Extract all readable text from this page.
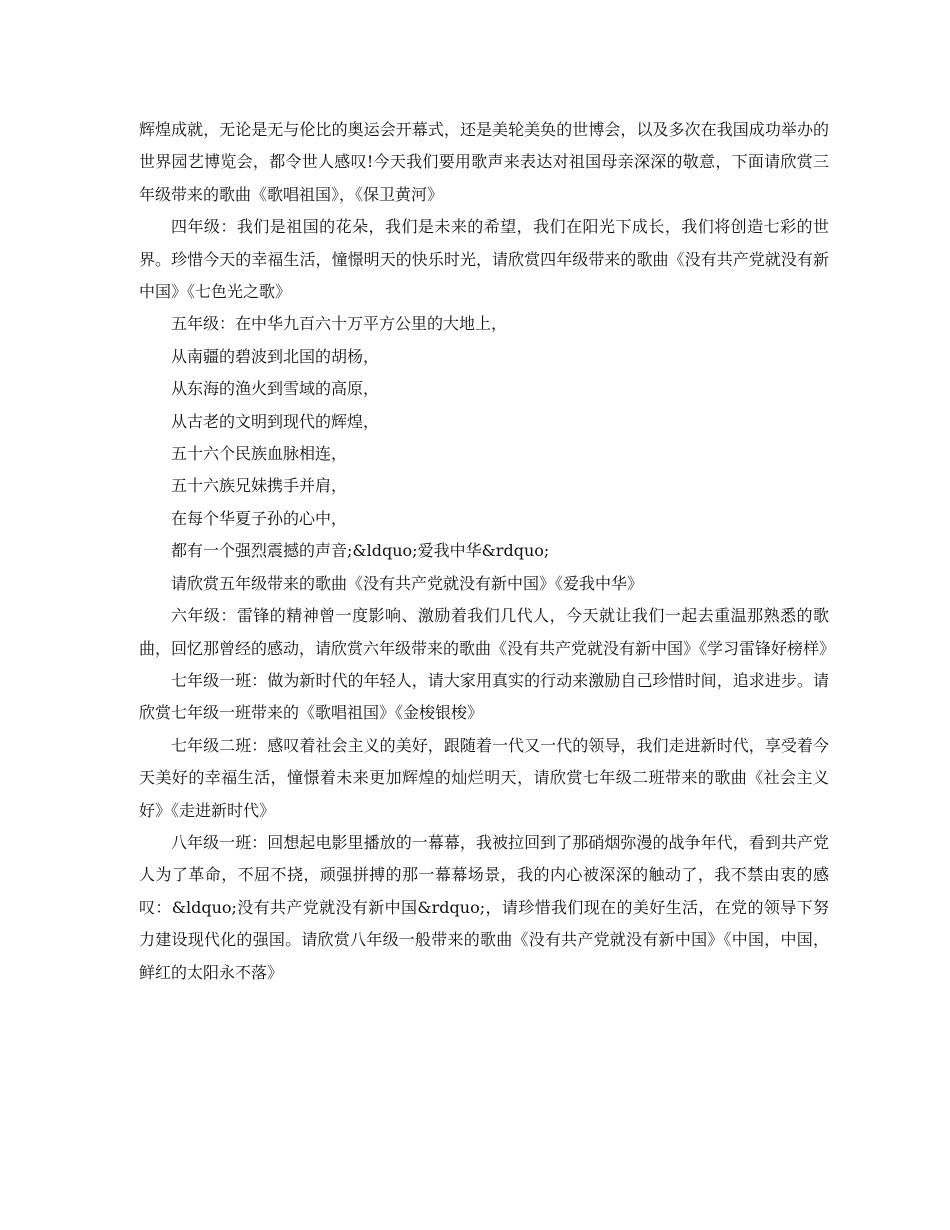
辉煌成就，无论是无与伦比的奥运会开幕式，还是美轮美奂的世博会，以及多次在我国成功举办的世界园艺博览会，都令世人感叹!今天我们要用歌声来表达对祖国母亲深深的敬意，下面请欣赏三年级带来的歌曲《歌唱祖国》，《保卫黄河》

四年级：我们是祖国的花朵，我们是未来的希望，我们在阳光下成长，我们将创造七彩的世界。珍惜今天的幸福生活，憧憬明天的快乐时光，请欣赏四年级带来的歌曲《没有共产党就没有新中国》《七色光之歌》

五年级：在中华九百六十万平方公里的大地上，

从南疆的碧波到北国的胡杨，

从东海的渔火到雪域的高原，

从古老的文明到现代的辉煌，

五十六个民族血脉相连，

五十六族兄妹携手并肩，

在每个华夏子孙的心中，

都有一个强烈震撼的声音;&ldquo;爱我中华&rdquo;

请欣赏五年级带来的歌曲《没有共产党就没有新中国》《爱我中华》

六年级：雷锋的精神曾一度影响、激励着我们几代人，今天就让我们一起去重温那熟悉的歌曲，回忆那曾经的感动，请欣赏六年级带来的歌曲《没有共产党就没有新中国》《学习雷锋好榜样》

七年级一班：做为新时代的年轻人，请大家用真实的行动来激励自己珍惜时间，追求进步。请欣赏七年级一班带来的《歌唱祖国》《金梭银梭》

七年级二班：感叹着社会主义的美好，跟随着一代又一代的领导，我们走进新时代，享受着今天美好的幸福生活，憧憬着未来更加辉煌的灿烂明天，请欣赏七年级二班带来的歌曲《社会主义好》《走进新时代》

八年级一班：回想起电影里播放的一幕幕，我被拉回到了那硝烟弥漫的战争年代，看到共产党人为了革命，不屈不挠，顽强拼搏的那一幕幕场景，我的内心被深深的触动了，我不禁由衷的感叹：&ldquo;没有共产党就没有新中国&rdquo;，请珍惜我们现在的美好生活，在党的领导下努力建设现代化的强国。请欣赏八年级一般带来的歌曲《没有共产党就没有新中国》《中国，中国，鲜红的太阳永不落》
